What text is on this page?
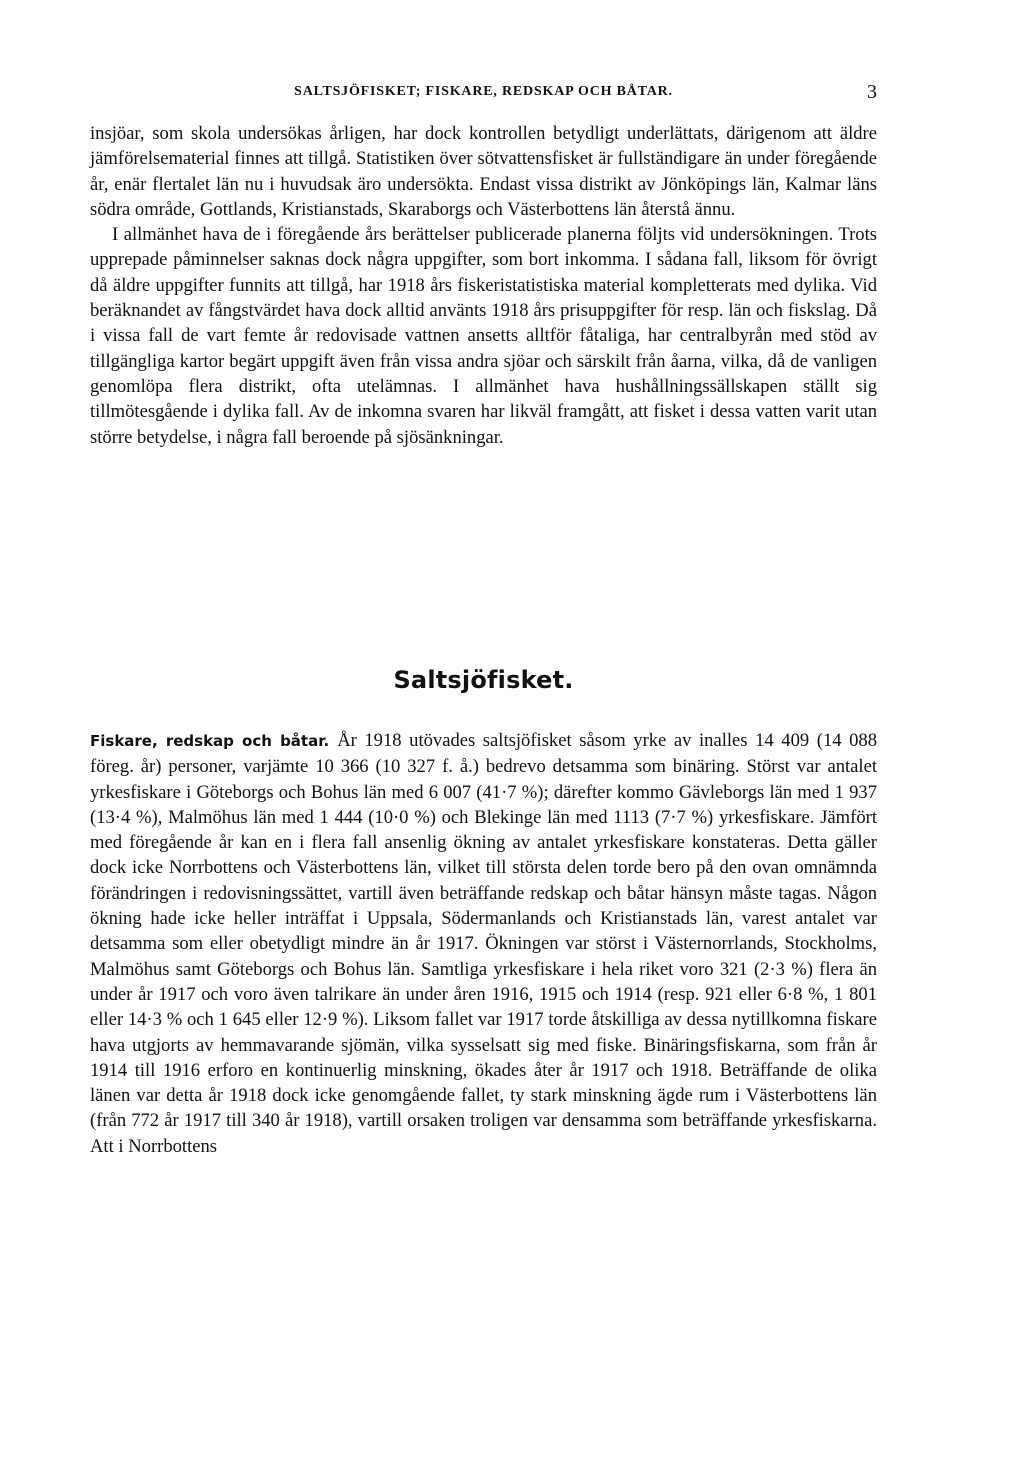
SALTSJÖFISKET; FISKARE, REDSKAP OCH BÅTAR.	3

insjöar, som skola undersökas årligen, har dock kontrollen betydligt underlättats, därigenom att äldre jämförelsematerial finnes att tillgå. Statistiken över sötvattensfisket är fullständigare än under föregående år, enär flertalet län nu i huvudsak äro undersökta. Endast vissa distrikt av Jönköpings län, Kalmar läns södra område, Gottlands, Kristianstads, Skaraborgs och Västerbottens län återstå ännu.

I allmänhet hava de i föregående års berättelser publicerade planerna följts vid undersökningen. Trots upprepade påminnelser saknas dock några uppgifter, som bort inkomma. I sådana fall, liksom för övrigt då äldre uppgifter funnits att tillgå, har 1918 års fiskeristatistiska material kompletterats med dylika. Vid beräknandet av fångstvärdet hava dock alltid använts 1918 års prisuppgifter för resp. län och fiskslag. Då i vissa fall de vart femte år redovisade vattnen ansetts alltför fåtaliga, har centralbyrån med stöd av tillgängliga kartor begärt uppgift även från vissa andra sjöar och särskilt från åarna, vilka, då de vanligen genomlöpa flera distrikt, ofta utelämnas. I allmänhet hava hushållningssällskapen ställt sig tillmötesgående i dylika fall. Av de inkomna svaren har likväl framgått, att fisket i dessa vatten varit utan större betydelse, i några fall beroende på sjösänkningar.

Saltsjöfisket.

Fiskare, redskap och båtar. År 1918 utövades saltsjöfisket såsom yrke av inalles 14 409 (14 088 föreg. år) personer, varjämte 10 366 (10 327 f. å.) bedrevo detsamma som binäring. Störst var antalet yrkesfiskare i Göteborgs och Bohus län med 6 007 (41·7 %); därefter kommo Gävleborgs län med 1 937 (13·4 %), Malmöhus län med 1 444 (10·0 %) och Blekinge län med 1113 (7·7 %) yrkesfiskare. Jämfört med föregående år kan en i flera fall ansenlig ökning av antalet yrkesfiskare konstateras. Detta gäller dock icke Norrbottens och Västerbottens län, vilket till största delen torde bero på den ovan omnämnda förändringen i redovisningssättet, vartill även beträffande redskap och båtar hänsyn måste tagas. Någon ökning hade icke heller inträffat i Uppsala, Södermanlands och Kristianstads län, varest antalet var detsamma som eller obetydligt mindre än år 1917. Ökningen var störst i Västernorrlands, Stockholms, Malmöhus samt Göteborgs och Bohus län. Samtliga yrkesfiskare i hela riket voro 321 (2·3 %) flera än under år 1917 och voro även talrikare än under åren 1916, 1915 och 1914 (resp. 921 eller 6·8 %, 1 801 eller 14·3 % och 1 645 eller 12·9 %). Liksom fallet var 1917 torde åtskilliga av dessa nytillkomna fiskare hava utgjorts av hemmavarande sjömän, vilka sysselsatt sig med fiske. Binäringsfiskarna, som från år 1914 till 1916 erforo en kontinuerlig minskning, ökades åter år 1917 och 1918. Beträffande de olika länen var detta år 1918 dock icke genomgående fallet, ty stark minskning ägde rum i Västerbottens län (från 772 år 1917 till 340 år 1918), vartill orsaken troligen var densamma som beträffande yrkesfiskarna. Att i Norrbottens
